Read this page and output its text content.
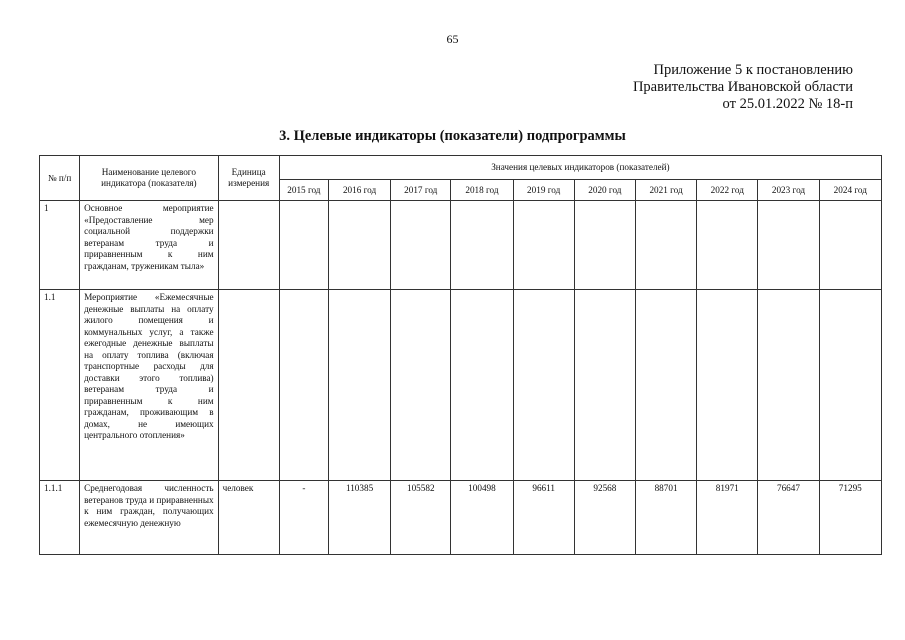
65
Приложение 5 к постановлению
Правительства Ивановской области
от 25.01.2022 № 18-п
3. Целевые индикаторы (показатели) подпрограммы
№ п/п	Наименование целевого индикатора (показателя)	Единица измерения	Значения целевых индикаторов (показателей)									
			2015 год	2016 год	2017 год	2018 год	2019 год	2020 год	2021 год	2022 год	2023 год	2024 год
1	Основное мероприятие «Предоставление мер социальной поддержки ветеранам труда и приравненным к ним гражданам, труженикам тыла»											
1.1	Мероприятие «Ежемесячные денежные выплаты на оплату жилого помещения и коммунальных услуг, а также ежегодные денежные выплаты на оплату топлива (включая транспортные расходы для доставки этого топлива) ветеранам труда и приравненным к ним гражданам, проживающим в домах, не имеющих центрального отопления»											
1.1.1	Среднегодовая численность ветеранов труда и приравненных к ним граждан, получающих ежемесячную денежную	человек	-	110385	105582	100498	96611	92568	88701	81971	76647	71295
